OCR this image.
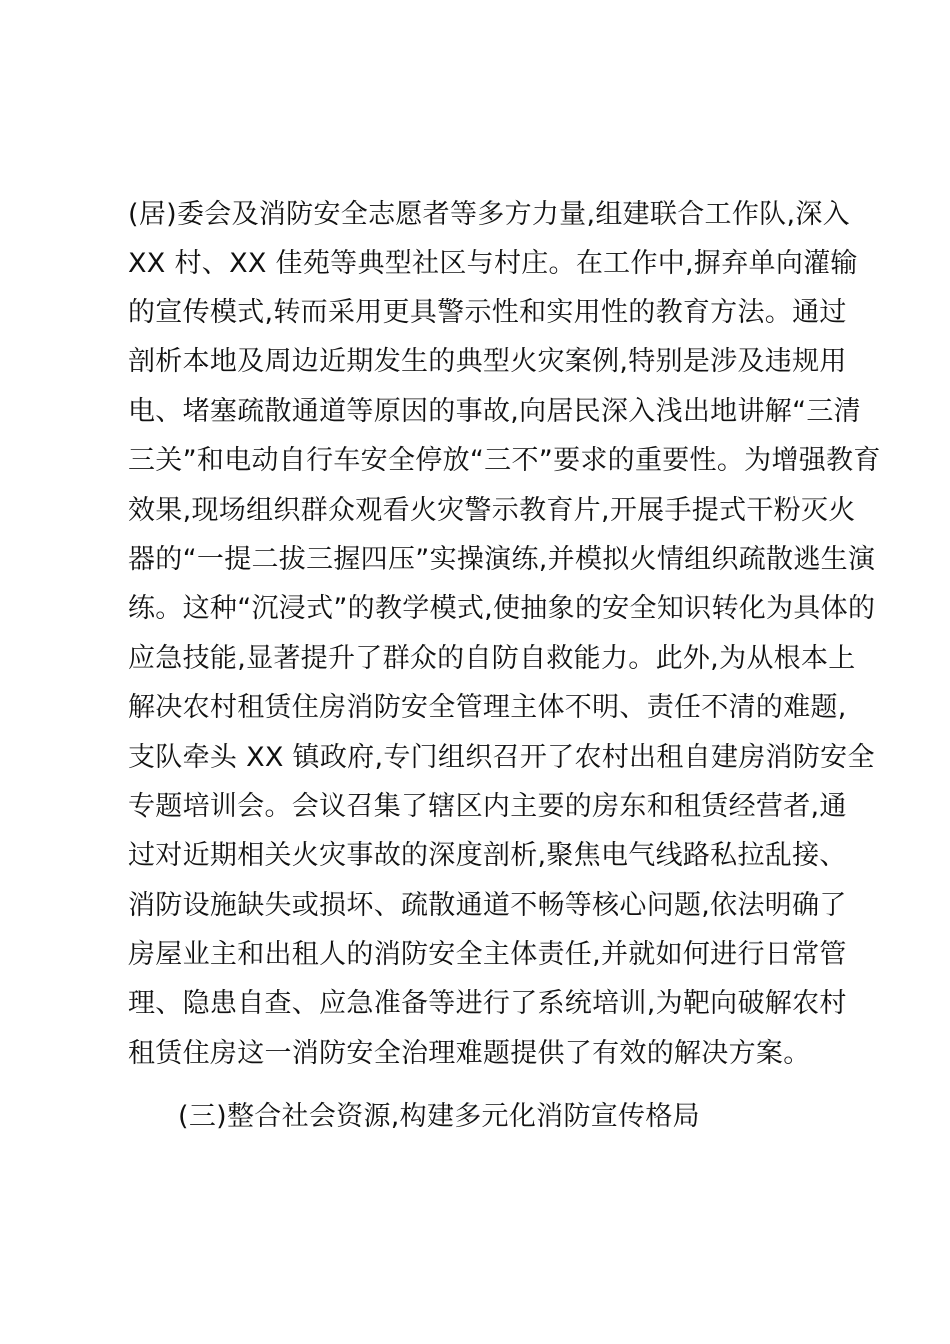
(居)委会及消防安全志愿者等多方力量,组建联合工作队,深入
XX 村、XX 佳苑等典型社区与村庄。在工作中,摒弃单向灌输
的宣传模式,转而采用更具警示性和实用性的教育方法。通过
剖析本地及周边近期发生的典型火灾案例,特别是涉及违规用
电、堵塞疏散通道等原因的事故,向居民深入浅出地讲解“三清
三关”和电动自行车安全停放“三不”要求的重要性。为增强教育
效果,现场组织群众观看火灾警示教育片,开展手提式干粉灭火
器的“一提二拔三握四压”实操演练,并模拟火情组织疏散逃生演
练。这种“沉浸式”的教学模式,使抽象的安全知识转化为具体的
应急技能,显著提升了群众的自防自救能力。此外,为从根本上
解决农村租赁住房消防安全管理主体不明、责任不清的难题,
支队牵头 XX 镇政府,专门组织召开了农村出租自建房消防安全
专题培训会。会议召集了辖区内主要的房东和租赁经营者,通
过对近期相关火灾事故的深度剖析,聚焦电气线路私拉乱接、
消防设施缺失或损坏、疏散通道不畅等核心问题,依法明确了
房屋业主和出租人的消防安全主体责任,并就如何进行日常管
理、隐患自查、应急准备等进行了系统培训,为靶向破解农村
租赁住房这一消防安全治理难题提供了有效的解决方案。
(三)整合社会资源,构建多元化消防宣传格局
